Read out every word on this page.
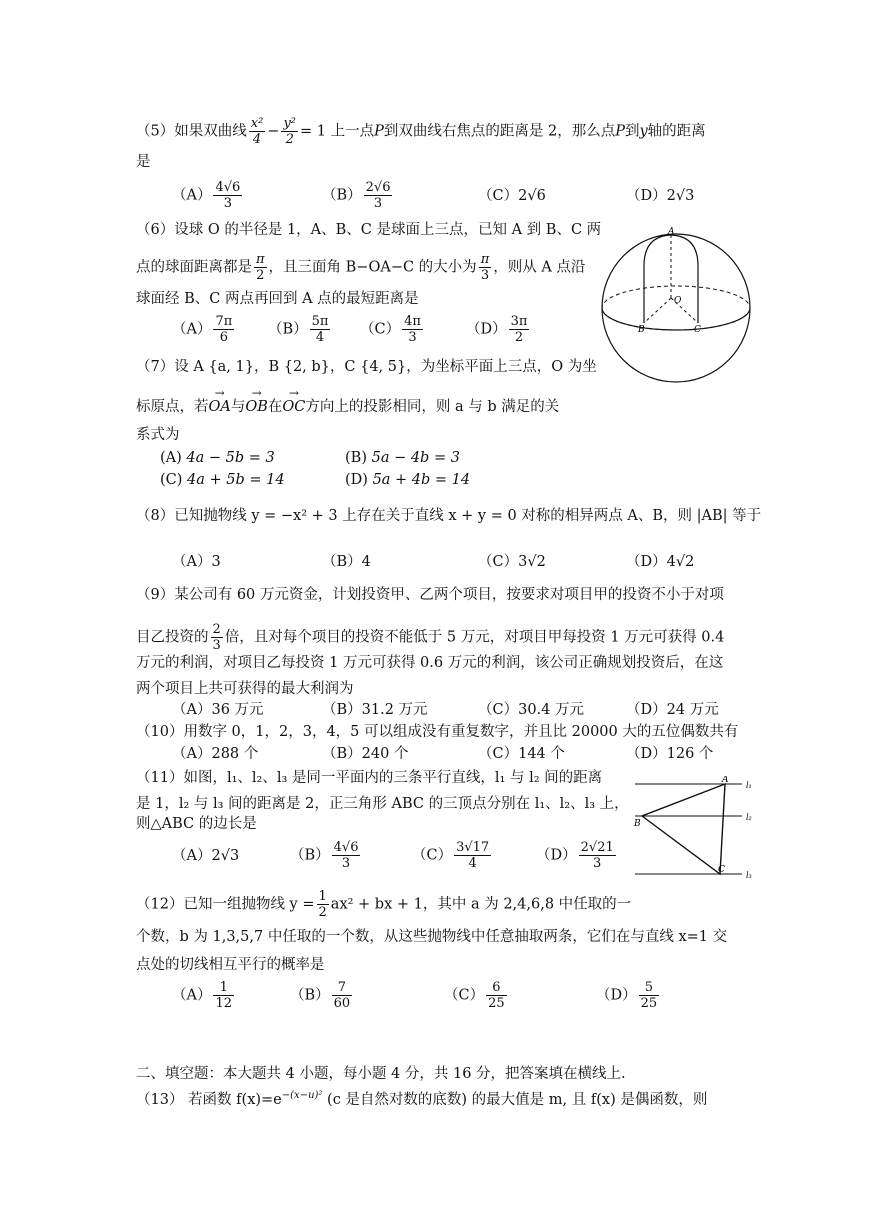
（5）如果双曲线 $\frac{\text{x²}}{4} - \frac{\text{y²}}{2} = 1$ 上一点P到双曲线右焦点的距离是 2，那么点P到y轴的距离
是
$(A) \frac{4√6}{3}$	$(B) \frac{2√6}{3}$	（C）2√6	（D）2√3
（6）设球 O 的半径是 1，A、B、C 是球面上三点，已知 A 到 B、C 两
点的球面距离都是 $\frac{\pi}{2}$ ，且三面角 B−OA−C 的大小为 $\frac{\pi}{3}$ ，则从 A 点沿
球面经 B、C 两点再回到 A 点的最短距离是
$(A) \frac{7\pi}{6} (B) \frac{5\pi}{4} (C) \frac{4\pi}{3}$	$(D) \frac{3\pi}{2}$
A
O
B	C
（7）设 A {a, 1}，B {2, b}，C {4, 5}，为坐标平面上三点，O 为坐
标原点，若→ OA与→ OB在→ OC方向上的投影相同，则 a 与 b 满足的关
系式为
(A) 4a − 5b = 3	(B) 5a − 4b = 3
(C) 4a + 5b = 14	(D) 5a + 4b = 14
（8）已知抛物线 y = −x² + 3 上存在关于直线 x + y = 0 对称的相异两点 A、B，则 |AB| 等于
（A）3	（B）4	（C）3√2	（D）4√2
（9）某公司有 60 万元资金，计划投资甲、乙两个项目，按要求对项目甲的投资不小于对项
目乙投资的 $\frac{2}{3}$ 倍，且对每个项目的投资不能低于 5 万元，对项目甲每投资 1 万元可获得 0.4
万元的利润，对项目乙每投资 1 万元可获得 0.6 万元的利润，该公司正确规划投资后，在这
两个项目上共可获得的最大利润为
（A）36 万元	（B）31.2 万元	（C）30.4 万元	（D）24 万元
（10）用数字 0，1，2，3，4，5 可以组成没有重复数字，并且比 20000 大的五位偶数共有
（A）288 个	（B）240 个	（C）144 个	（D）126 个
（11）如图，l₁、l₂、l₃ 是同一平面内的三条平行直线，l₁ 与 l₂ 间的距离
是 1，l₂ 与 l₃ 间的距离是 2，正三角形 ABC 的三顶点分别在 l₁、l₂、l₃ 上，
则△ABC 的边长是
（A）2√3	$(B) \frac{4√6}{3}$	$(C) \frac{3√17}{4}$	$(D) \frac{2√21}{3}$
A
B
C
l₁
l₂
l₃
（12）已知一组抛物线 $y = \frac{1}{2} ax^2$ + bx + 1，其中 a 为 2,4,6,8 中任取的一
个数，b 为 1,3,5,7 中任取的一个数，从这些抛物线中任意抽取两条，它们在与直线 x=1 交
点处的切线相互平行的概率是
$(A) \frac{1}{12}$	$(B) \frac{7}{60}$	$(C) \frac{6}{25}$	$(D) \frac{5}{25}$
二、填空题：本大题共 4 小题，每小题 4 分，共 16 分，把答案填在横线上.
（13） 若函数 $f(x)=e^{-(x-u)^2}$ (c 是自然对数的底数) 的最大值是 m, 且 f(x) 是偶函数，则
